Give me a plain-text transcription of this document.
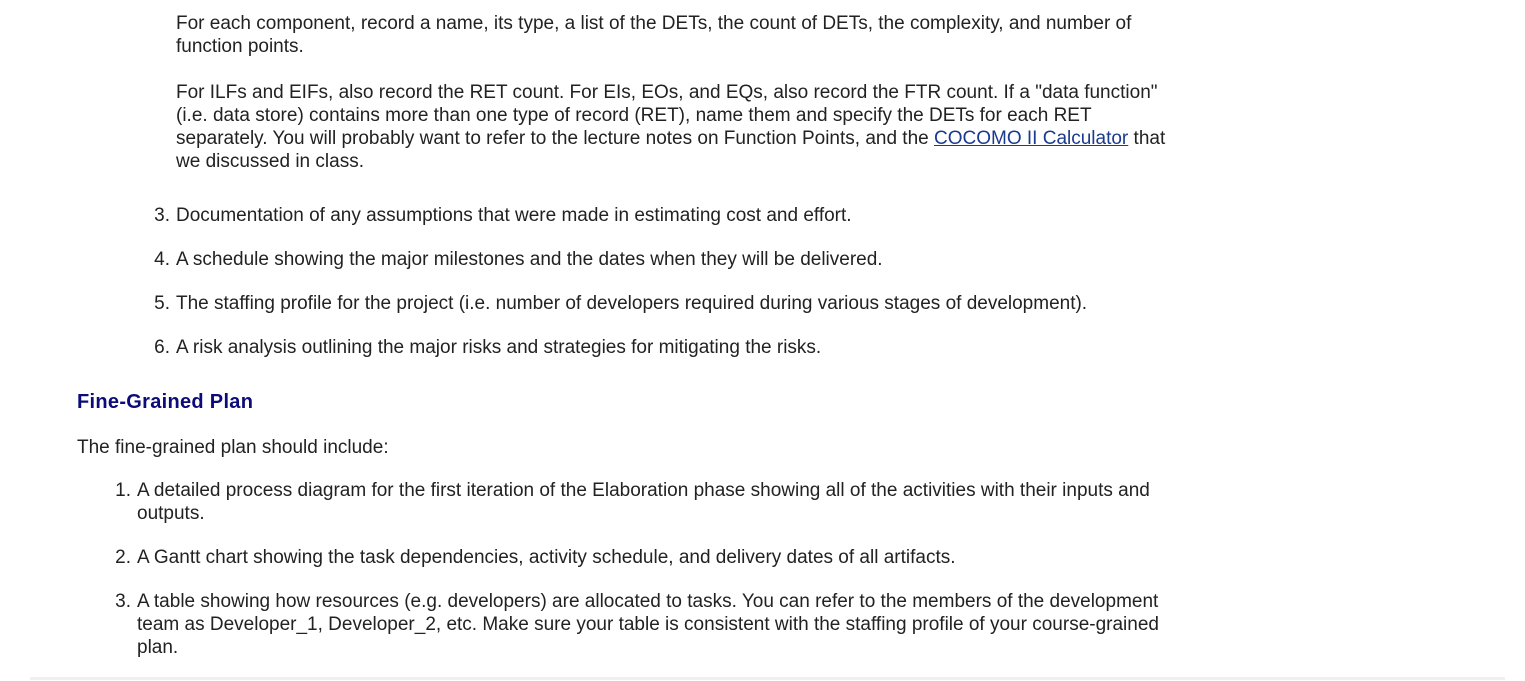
For each component, record a name, its type, a list of the DETs, the count of DETs, the complexity, and number of function points.

For ILFs and EIFs, also record the RET count. For EIs, EOs, and EQs, also record the FTR count. If a "data function" (i.e. data store) contains more than one type of record (RET), name them and specify the DETs for each RET separately. You will probably want to refer to the lecture notes on Function Points, and the COCOMO II Calculator that we discussed in class.

3. Documentation of any assumptions that were made in estimating cost and effort.
4. A schedule showing the major milestones and the dates when they will be delivered.
5. The staffing profile for the project (i.e. number of developers required during various stages of development).
6. A risk analysis outlining the major risks and strategies for mitigating the risks.
Fine-Grained Plan

The fine-grained plan should include:

1. A detailed process diagram for the first iteration of the Elaboration phase showing all of the activities with their inputs and outputs.
2. A Gantt chart showing the task dependencies, activity schedule, and delivery dates of all artifacts.
3. A table showing how resources (e.g. developers) are allocated to tasks. You can refer to the members of the development team as Developer_1, Developer_2, etc. Make sure your table is consistent with the staffing profile of your course-grained plan.
